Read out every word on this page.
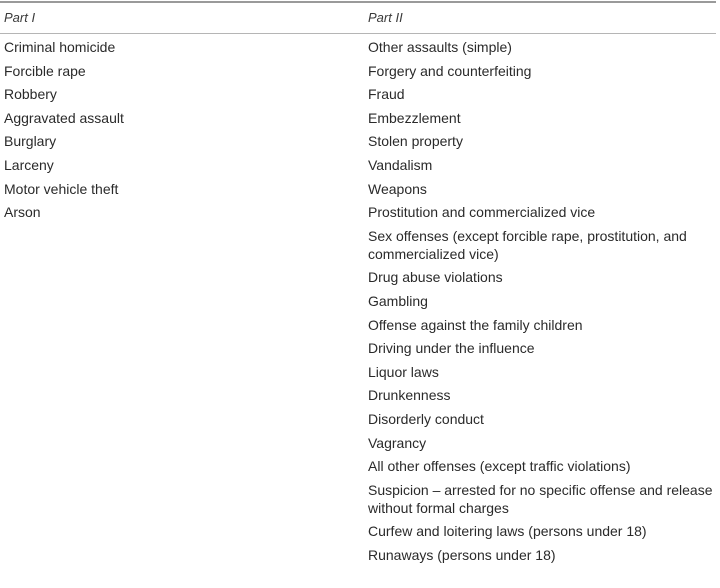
Part I	Part II
Criminal homicide
Forcible rape
Robbery
Aggravated assault
Burglary
Larceny
Motor vehicle theft
Arson
Other assaults (simple)
Forgery and counterfeiting
Fraud
Embezzlement
Stolen property
Vandalism
Weapons
Prostitution and commercialized vice
Sex offenses (except forcible rape, prostitution, and commercialized vice)
Drug abuse violations
Gambling
Offense against the family children
Driving under the influence
Liquor laws
Drunkenness
Disorderly conduct
Vagrancy
All other offenses (except traffic violations)
Suspicion – arrested for no specific offense and release without formal charges
Curfew and loitering laws (persons under 18)
Runaways (persons under 18)
